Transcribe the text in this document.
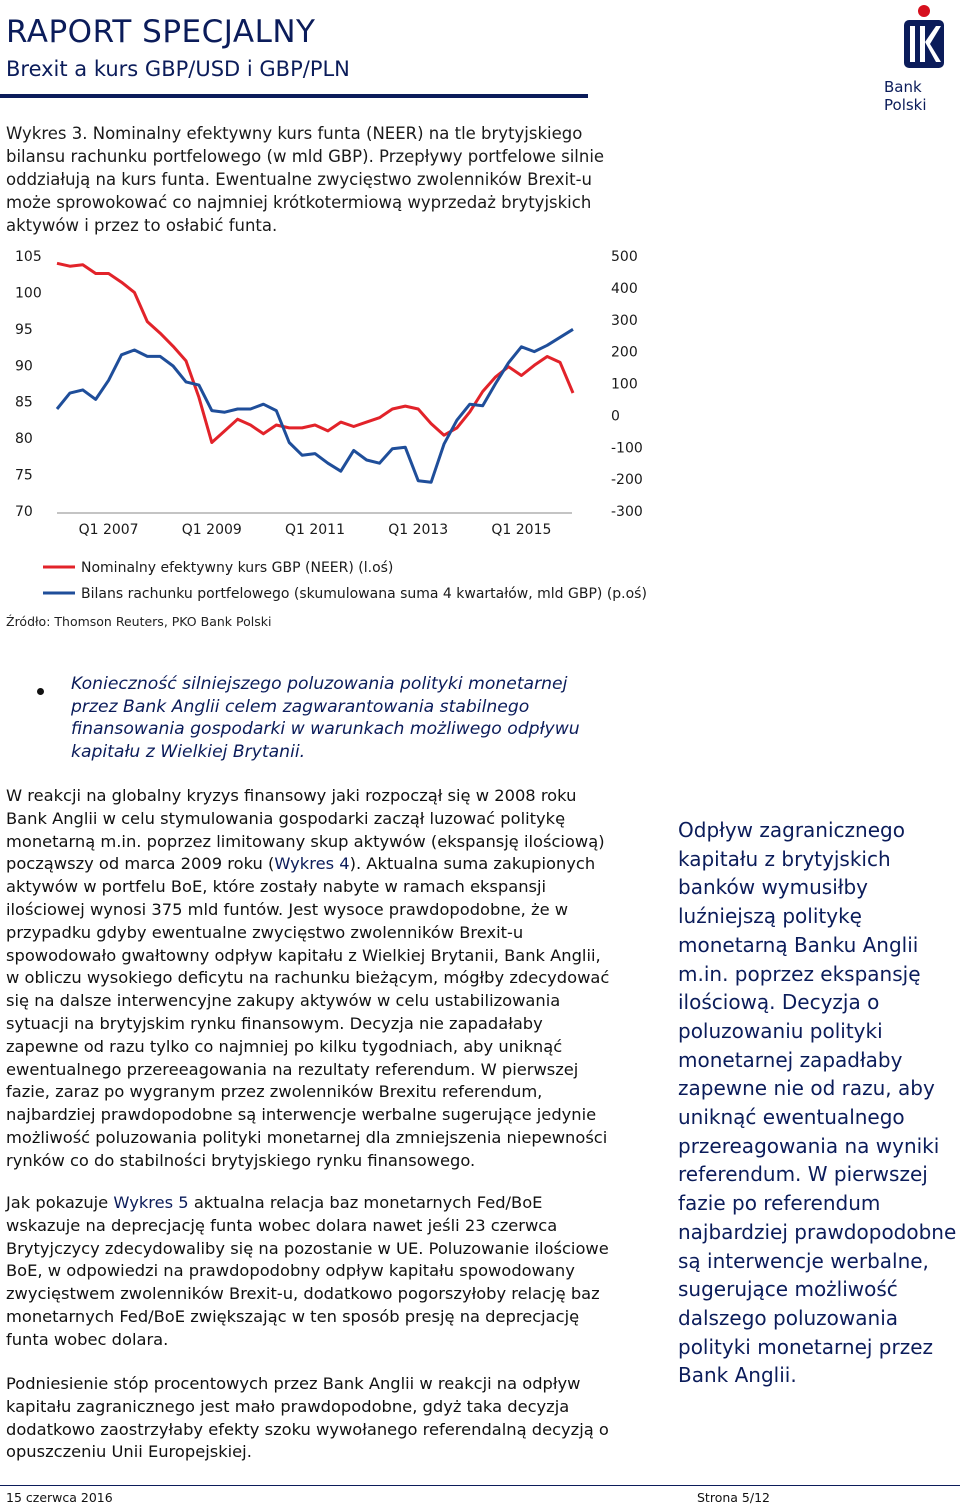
RAPORT SPECJALNY
Brexit a kurs GBP/USD i GBP/PLN
Bank Polski
Wykres 3. Nominalny efektywny kurs funta (NEER) na tle brytyjskiego bilansu rachunku portfelowego (w mld GBP). Przepływy portfelowe silnie oddziałują na kurs funta. Ewentualne zwycięstwo zwolenników Brexit-u może sprowokować co najmniej krótkotermiową wyprzedaż brytyjskich aktywów i przez to osłabić funta.
105
100
95
90
85
80
75
70
500
400
300
200
100
0
-100
-200
-300
Q1 2007	Q1 2009	Q1 2011	Q1 2013	Q1 2015
Nominalny efektywny kurs GBP (NEER) (l.oś)
Bilans rachunku portfelowego (skumulowana suma 4 kwartałów, mld GBP) (p.oś)
Źródło: Thomson Reuters, PKO Bank Polski
Konieczność silniejszego poluzowania polityki monetarnej przez Bank Anglii celem zagwarantowania stabilnego finansowania gospodarki w warunkach możliwego odpływu kapitału z Wielkiej Brytanii.
W reakcji na globalny kryzys finansowy jaki rozpoczął się w 2008 roku Bank Anglii w celu stymulowania gospodarki zaczął luzować politykę monetarną m.in. poprzez limitowany skup aktywów (ekspansję ilościową) począwszy od marca 2009 roku (Wykres 4). Aktualna suma zakupionych aktywów w portfelu BoE, które zostały nabyte w ramach ekspansji ilościowej wynosi 375 mld funtów. Jest wysoce prawdopodobne, że w przypadku gdyby ewentualne zwycięstwo zwolenników Brexit-u spowodowało gwałtowny odpływ kapitału z Wielkiej Brytanii, Bank Anglii, w obliczu wysokiego deficytu na rachunku bieżącym, mógłby zdecydować się na dalsze interwencyjne zakupy aktywów w celu ustabilizowania sytuacji na brytyjskim rynku finansowym. Decyzja nie zapadałaby zapewne od razu tylko co najmniej po kilku tygodniach, aby uniknąć ewentualnego przereeagowania na rezultaty referendum. W pierwszej fazie, zaraz po wygranym przez zwolenników Brexitu referendum, najbardziej prawdopodobne są interwencje werbalne sugerujące jedynie możliwość poluzowania polityki monetarnej dla zmniejszenia niepewności rynków co do stabilności brytyjskiego rynku finansowego.
Jak pokazuje Wykres 5 aktualna relacja baz monetarnych Fed/BoE wskazuje na deprecjację funta wobec dolara nawet jeśli 23 czerwca Brytyjczycy zdecydowaliby się na pozostanie w UE. Poluzowanie ilościowe BoE, w odpowiedzi na prawdopodobny odpływ kapitału spowodowany zwycięstwem zwolenników Brexit-u, dodatkowo pogorszyłoby relację baz monetarnych Fed/BoE zwiększając w ten sposób presję na deprecjację funta wobec dolara.
Podniesienie stóp procentowych przez Bank Anglii w reakcji na odpływ kapitału zagranicznego jest mało prawdopodobne, gdyż taka decyzja dodatkowo zaostrzyłaby efekty szoku wywołanego referendalną decyzją o opuszczeniu Unii Europejskiej.
Odpływ zagranicznego kapitału z brytyjskich banków wymusiłby luźniejszą politykę monetarną Banku Anglii m.in. poprzez ekspansję ilościową. Decyzja o poluzowaniu polityki monetarnej zapadłaby zapewne nie od razu, aby uniknąć ewentualnego przereagowania na wyniki referendum. W pierwszej fazie po referendum najbardziej prawdopodobne są interwencje werbalne, sugerujące możliwość dalszego poluzowania polityki monetarnej przez Bank Anglii.
15 czerwca 2016	Strona 5/12
